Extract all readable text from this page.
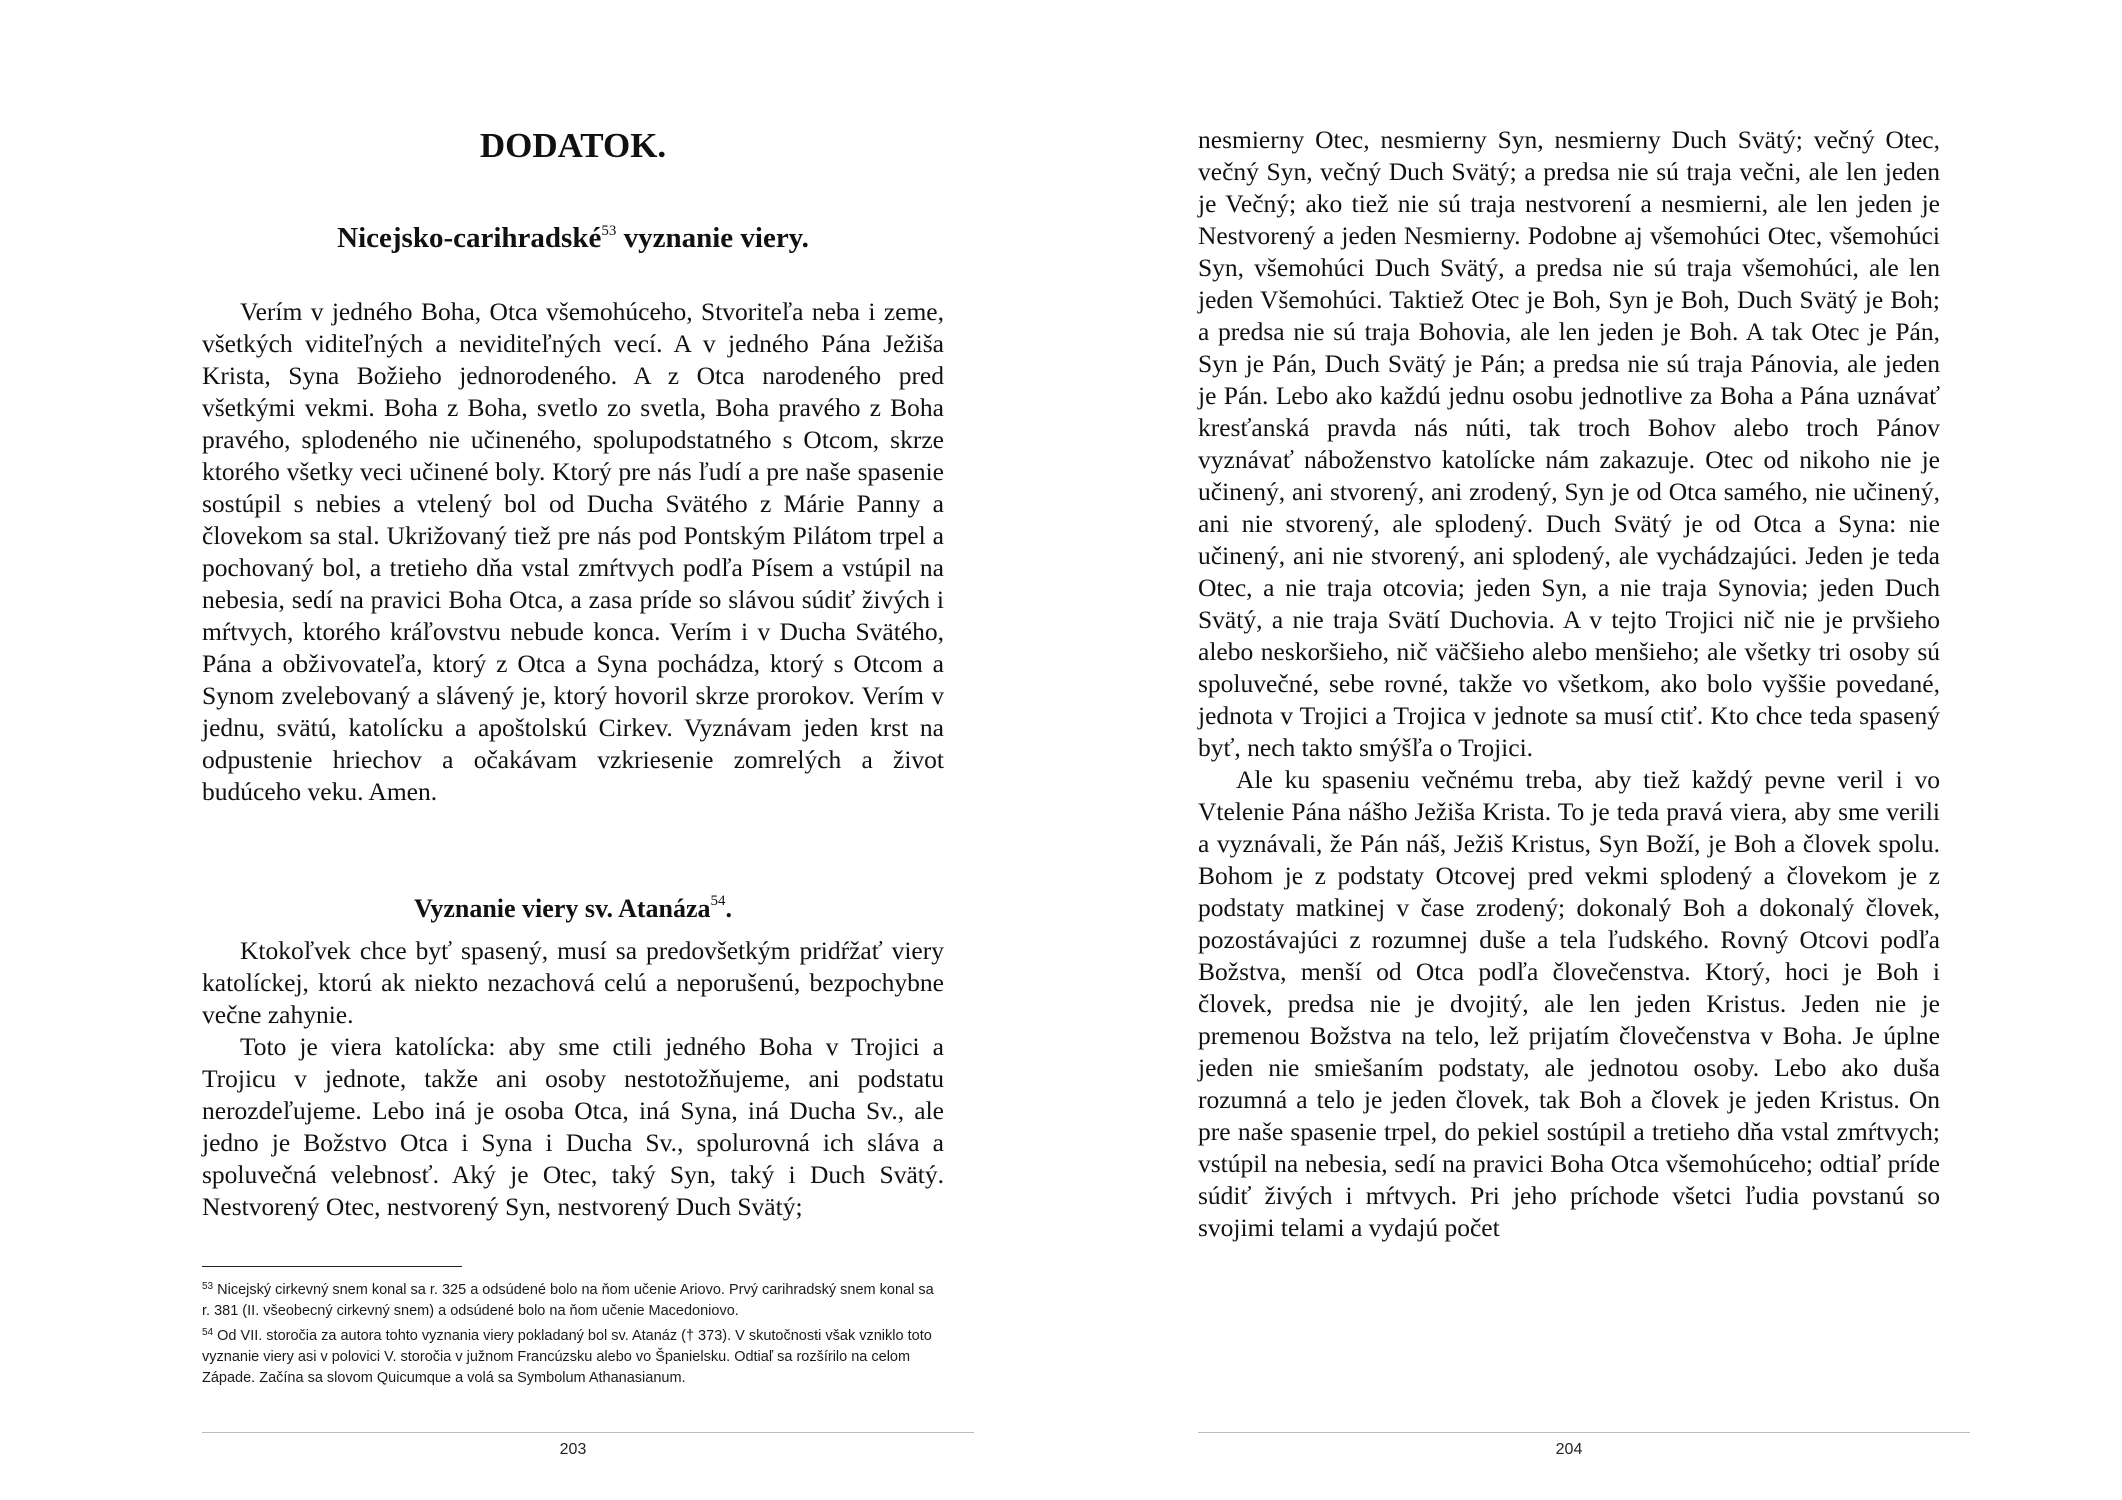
DODATOK.
Nicejsko-carihradské$^{53}$ vyznanie viery.

Verím v jedného Boha, Otca všemohúceho, Stvoriteľa neba i zeme, všetkých viditeľných a neviditeľných vecí. A v jedného Pána Ježiša Krista, Syna Božieho jednorodeného. A z Otca narodeného pred všetkými vekmi. Boha z Boha, svetlo zo svetla, Boha pravého z Boha pravého, splodeného nie učineného, spolupodstatného s Otcom, skrze ktorého všetky veci učinené boly. Ktorý pre nás ľudí a pre naše spasenie sostúpil s nebies a vtelený bol od Ducha Svätého z Márie Panny a človekom sa stal. Ukrižovaný tiež pre nás pod Pontským Pilátom trpel a pochovaný bol, a tretieho dňa vstal zmŕtvych podľa Písem a vstúpil na nebesia, sedí na pravici Boha Otca, a zasa príde so slávou súdiť živých i mŕtvych, ktorého kráľovstvu nebude konca. Verím i v Ducha Svätého, Pána a obživovateľa, ktorý z Otca a Syna pochádza, ktorý s Otcom a Synom zvelebovaný a slávený je, ktorý hovoril skrze prorokov. Verím v jednu, svätú, katolícku a apoštolskú Cirkev. Vyznávam jeden krst na odpustenie hriechov a očakávam vzkriesenie zomrelých a život budúceho veku. Amen.

Vyznanie viery sv. Atanáza$^{54}$.

Ktokoľvek chce byť spasený, musí sa predovšetkým pridŕžať viery katolíckej, ktorú ak niekto nezachová celú a neporušenú, bezpochybne večne zahynie.

Toto je viera katolícka: aby sme ctili jedného Boha v Trojici a Trojicu v jednote, takže ani osoby nestotožňujeme, ani podstatu nerozdeľujeme. Lebo iná je osoba Otca, iná Syna, iná Ducha Sv., ale jedno je Božstvo Otca i Syna i Ducha Sv., spolurovná ich sláva a spoluvečná velebnosť. Aký je Otec, taký Syn, taký i Duch Svätý. Nestvorený Otec, nestvorený Syn, nestvorený Duch Svätý;

$^{53}$ Nicejský cirkevný snem konal sa r. 325 a odsúdené bolo na ňom učenie Ariovo. Prvý carihradský snem konal sa r. 381 (II. všeobecný cirkevný snem) a odsúdené bolo na ňom učenie Macedoniovo.

$^{54}$ Od VII. storočia za autora tohto vyznania viery pokladaný bol sv. Atanáz († 373). V skutočnosti však vzniklo toto vyznanie viery asi v polovici V. storočia v južnom Francúzsku alebo vo Španielsku. Odtiaľ sa rozšírilo na celom Západe. Začína sa slovom Quicumque a volá sa Symbolum Athanasianum.

203

nesmierny Otec, nesmierny Syn, nesmierny Duch Svätý; večný Otec, večný Syn, večný Duch Svätý; a predsa nie sú traja večni, ale len jeden je Večný; ako tiež nie sú traja nestvorení a nesmierni, ale len jeden je Nestvorený a jeden Nesmierny. Podobne aj všemohúci Otec, všemohúci Syn, všemohúci Duch Svätý, a predsa nie sú traja všemohúci, ale len jeden Všemohúci. Taktiež Otec je Boh, Syn je Boh, Duch Svätý je Boh; a predsa nie sú traja Bohovia, ale len jeden je Boh. A tak Otec je Pán, Syn je Pán, Duch Svätý je Pán; a predsa nie sú traja Pánovia, ale jeden je Pán. Lebo ako každú jednu osobu jednotlive za Boha a Pána uznávať kresťanská pravda nás núti, tak troch Bohov alebo troch Pánov vyznávať náboženstvo katolícke nám zakazuje. Otec od nikoho nie je učinený, ani stvorený, ani zrodený, Syn je od Otca samého, nie učinený, ani nie stvorený, ale splodený. Duch Svätý je od Otca a Syna: nie učinený, ani nie stvorený, ani splodený, ale vychádzajúci. Jeden je teda Otec, a nie traja otcovia; jeden Syn, a nie traja Synovia; jeden Duch Svätý, a nie traja Svätí Duchovia. A v tejto Trojici nič nie je prvšieho alebo neskoršieho, nič väčšieho alebo menšieho; ale všetky tri osoby sú spoluvečné, sebe rovné, takže vo všetkom, ako bolo vyššie povedané, jednota v Trojici a Trojica v jednote sa musí ctiť. Kto chce teda spasený byť, nech takto smýšľa o Trojici.

Ale ku spaseniu večnému treba, aby tiež každý pevne veril i vo Vtelenie Pána nášho Ježiša Krista. To je teda pravá viera, aby sme verili a vyznávali, že Pán náš, Ježiš Kristus, Syn Boží, je Boh a človek spolu. Bohom je z podstaty Otcovej pred vekmi splodený a človekom je z podstaty matkinej v čase zrodený; dokonalý Boh a dokonalý človek, pozostávajúci z rozumnej duše a tela ľudského. Rovný Otcovi podľa Božstva, menší od Otca podľa človečenstva. Ktorý, hoci je Boh i človek, predsa nie je dvojitý, ale len jeden Kristus. Jeden nie je premenou Božstva na telo, lež prijatím človečenstva v Boha. Je úplne jeden nie smiešaním podstaty, ale jednotou osoby. Lebo ako duša rozumná a telo je jeden človek, tak Boh a človek je jeden Kristus. On pre naše spasenie trpel, do pekiel sostúpil a tretieho dňa vstal zmŕtvych; vstúpil na nebesia, sedí na pravici Boha Otca všemohúceho; odtiaľ príde súdiť živých i mŕtvych. Pri jeho príchode všetci ľudia povstanú so svojimi telami a vydajú počet

204
